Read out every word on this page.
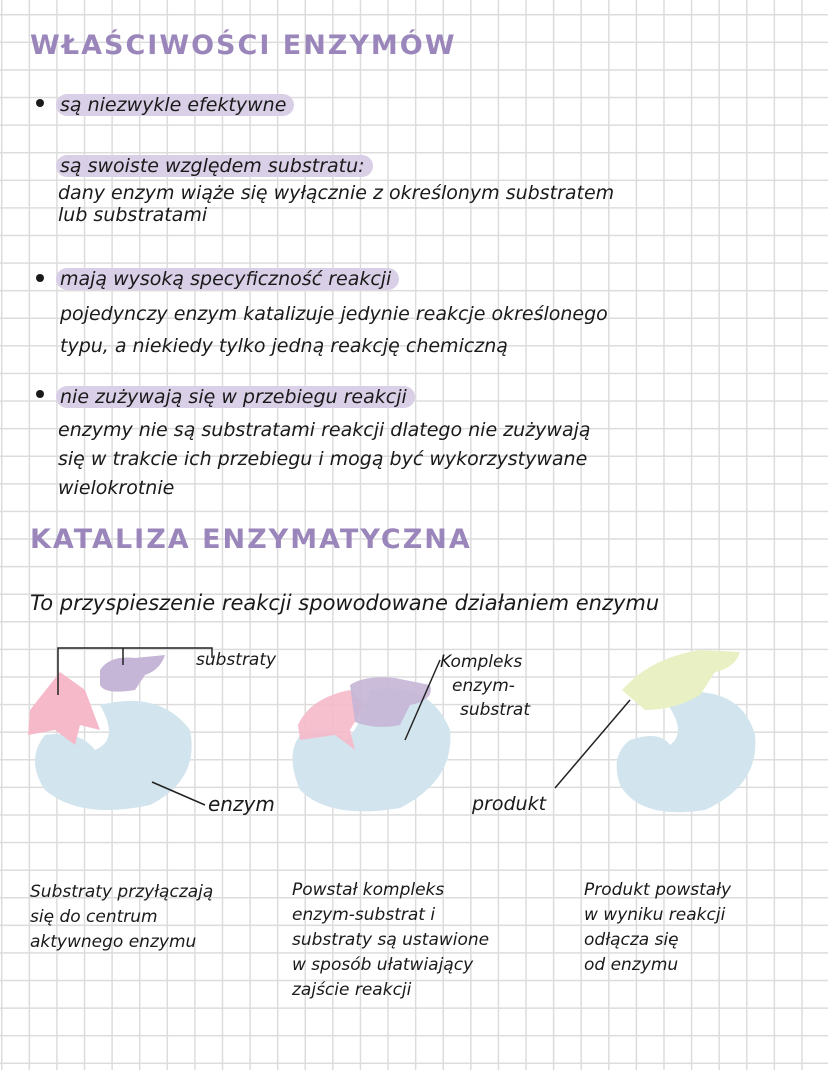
WŁAŚCIWOŚCI ENZYMÓW
są niezwykle efektywne
są swoiste względem substratu:
dany enzym wiąże się wyłącznie z określonym substratem
lub substratami
mają wysoką specyficzność reakcji
pojedynczy enzym katalizuje jedynie reakcje określonego
typu, a niekiedy tylko jedną reakcję chemiczną
nie zużywają się w przebiegu reakcji
enzymy nie są substratami reakcji dlatego nie zużywają
się w trakcie ich przebiegu i mogą być wykorzystywane
wielokrotnie
KATALIZA ENZYMATYCZNA
To przyspieszenie reakcji spowodowane działaniem enzymu
substraty
enzym
Kompleks
enzym-
substrat
produkt
Substraty przyłączają
się do centrum
aktywnego enzymu
Powstał kompleks
enzym-substrat i
substraty są ustawione
w sposób ułatwiający
zajście reakcji
Produkt powstały
w wyniku reakcji
odłącza się
od enzymu
